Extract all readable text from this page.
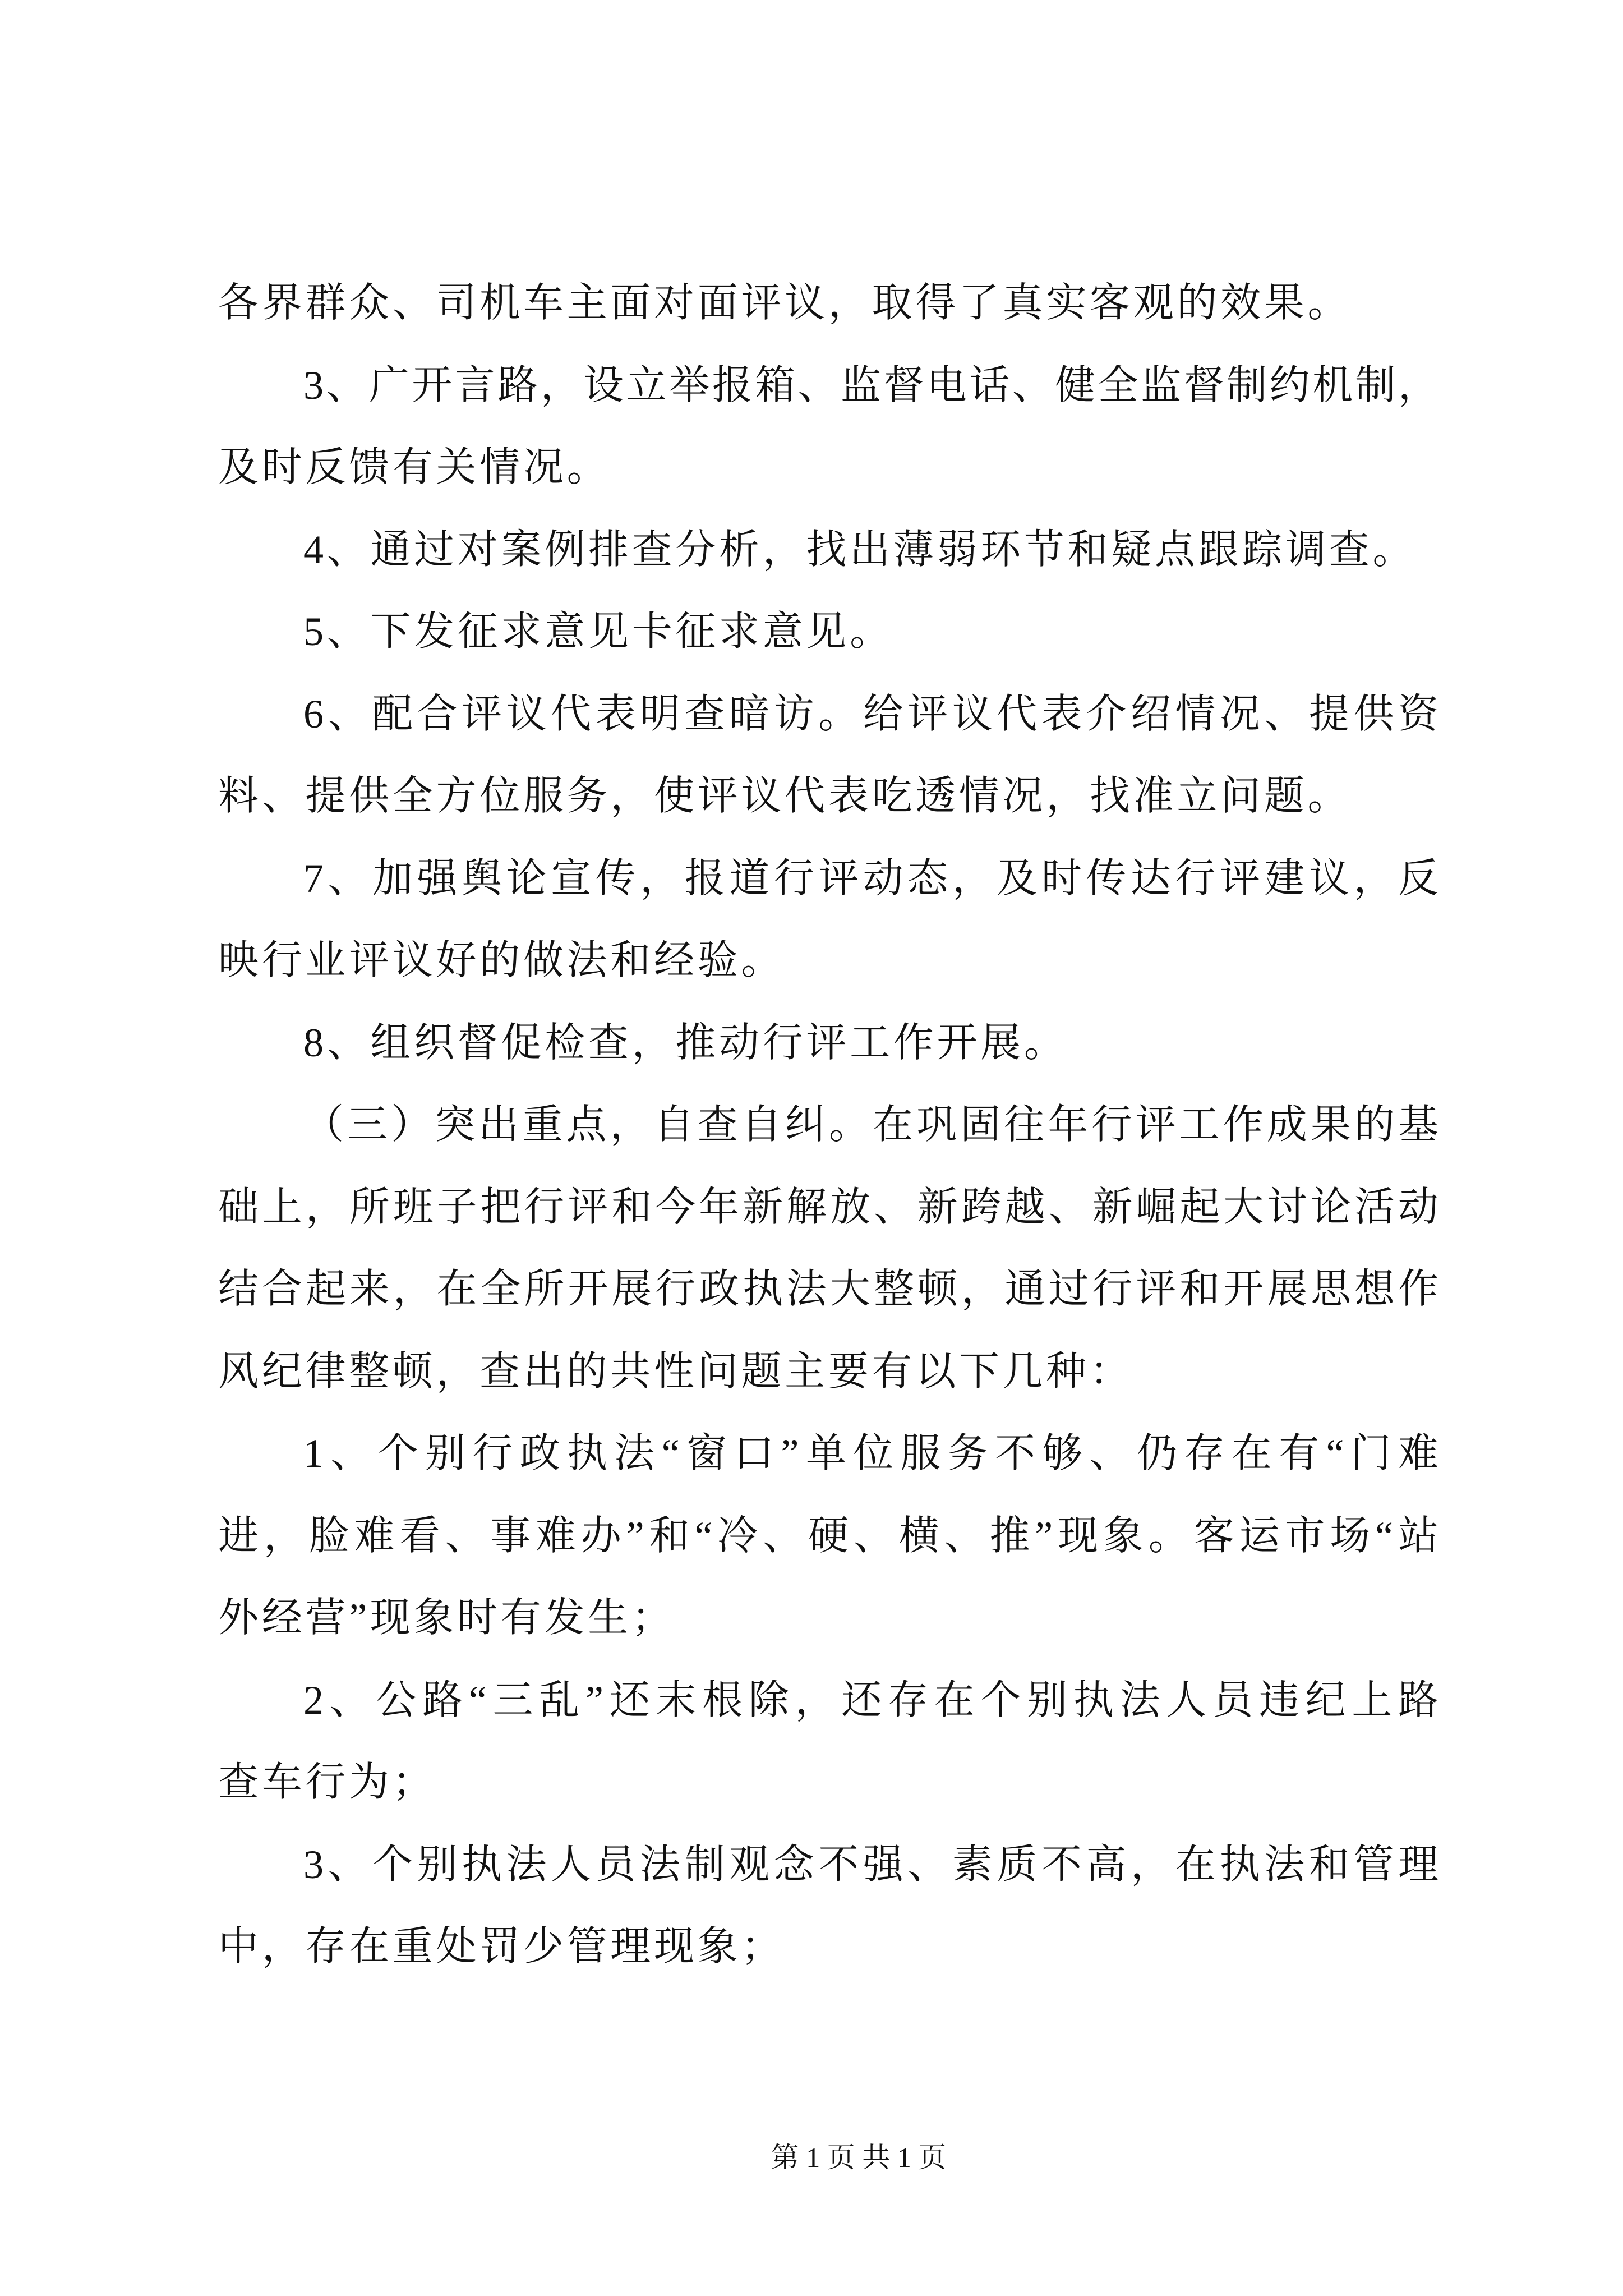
各界群众、司机车主面对面评议，取得了真实客观的效果。
3、广开言路，设立举报箱、监督电话、健全监督制约机制，
及时反馈有关情况。
4、通过对案例排查分析，找出薄弱环节和疑点跟踪调查。
5、下发征求意见卡征求意见。
6、配合评议代表明查暗访。给评议代表介绍情况、提供资
料、提供全方位服务，使评议代表吃透情况，找准立问题。
7、加强舆论宣传，报道行评动态，及时传达行评建议，反
映行业评议好的做法和经验。
8、组织督促检查，推动行评工作开展。
（三）突出重点，自查自纠。在巩固往年行评工作成果的基
础上，所班子把行评和今年新解放、新跨越、新崛起大讨论活动
结合起来，在全所开展行政执法大整顿，通过行评和开展思想作
风纪律整顿，查出的共性问题主要有以下几种：
1、个别行政执法“窗口”单位服务不够、仍存在有“门难
进，脸难看、事难办”和“冷、硬、横、推”现象。客运市场“站
外经营”现象时有发生；
2、公路“三乱”还末根除，还存在个别执法人员违纪上路
查车行为；
3、个别执法人员法制观念不强、素质不高，在执法和管理
中，存在重处罚少管理现象；
第 1 页 共 1 页
